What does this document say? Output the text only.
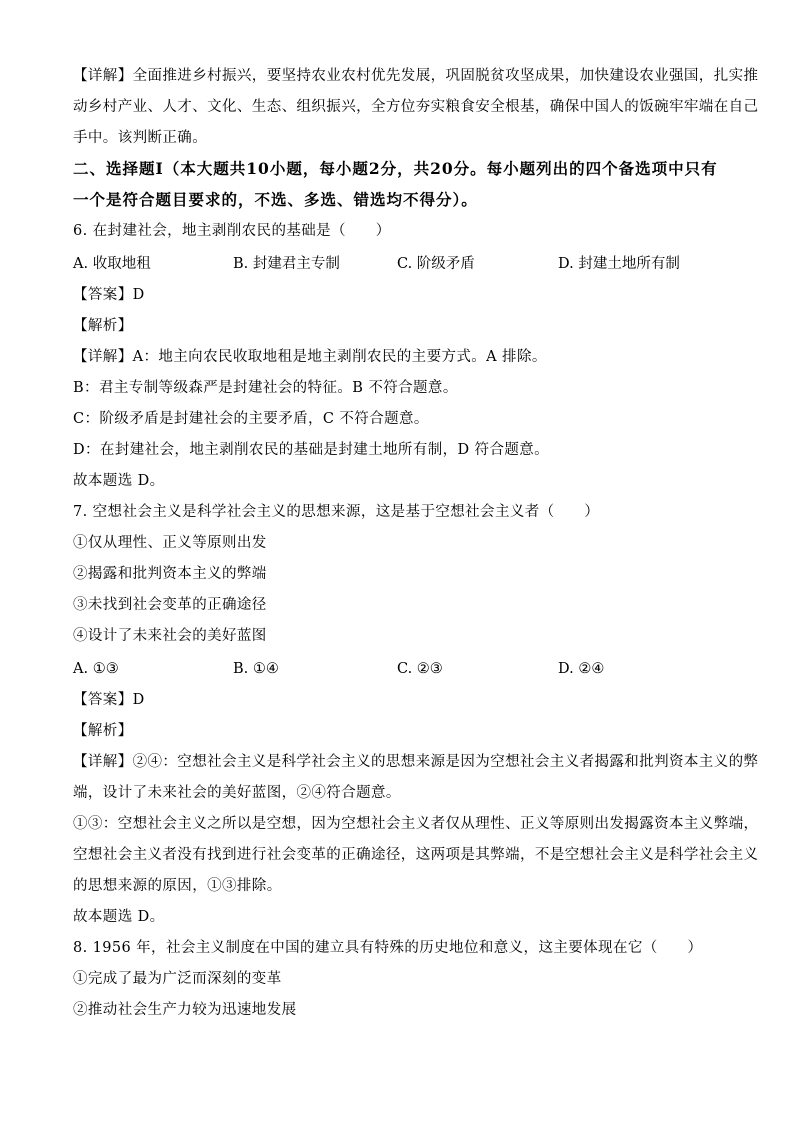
【详解】全面推进乡村振兴，要坚持农业农村优先发展，巩固脱贫攻坚成果，加快建设农业强国，扎实推
动乡村产业、人才、文化、生态、组织振兴，全方位夯实粮食安全根基，确保中国人的饭碗牢牢端在自己
手中。该判断正确。
二、选择题Ⅰ（本大题共10小题，每小题2分，共20分。每小题列出的四个备选项中只有
一个是符合题目要求的，不选、多选、错选均不得分）。
6. 在封建社会，地主剥削农民的基础是（　　）
A. 收取地租	B. 封建君主专制	C. 阶级矛盾	D. 封建土地所有制
【答案】D
【解析】
【详解】A：地主向农民收取地租是地主剥削农民的主要方式。A 排除。
B：君主专制等级森严是封建社会的特征。B 不符合题意。
C：阶级矛盾是封建社会的主要矛盾，C 不符合题意。
D：在封建社会，地主剥削农民的基础是封建土地所有制，D 符合题意。
故本题选 D。
7. 空想社会主义是科学社会主义的思想来源，这是基于空想社会主义者（　　）
①仅从理性、正义等原则出发
②揭露和批判资本主义的弊端
③未找到社会变革的正确途径
④设计了未来社会的美好蓝图
A. ①③	B. ①④	C. ②③	D. ②④
【答案】D
【解析】
【详解】②④：空想社会主义是科学社会主义的思想来源是因为空想社会主义者揭露和批判资本主义的弊
端，设计了未来社会的美好蓝图，②④符合题意。
①③：空想社会主义之所以是空想，因为空想社会主义者仅从理性、正义等原则出发揭露资本主义弊端，
空想社会主义者没有找到进行社会变革的正确途径，这两项是其弊端，不是空想社会主义是科学社会主义
的思想来源的原因，①③排除。
故本题选 D。
8. 1956 年，社会主义制度在中国的建立具有特殊的历史地位和意义，这主要体现在它（　　）
①完成了最为广泛而深刻的变革
②推动社会生产力较为迅速地发展
